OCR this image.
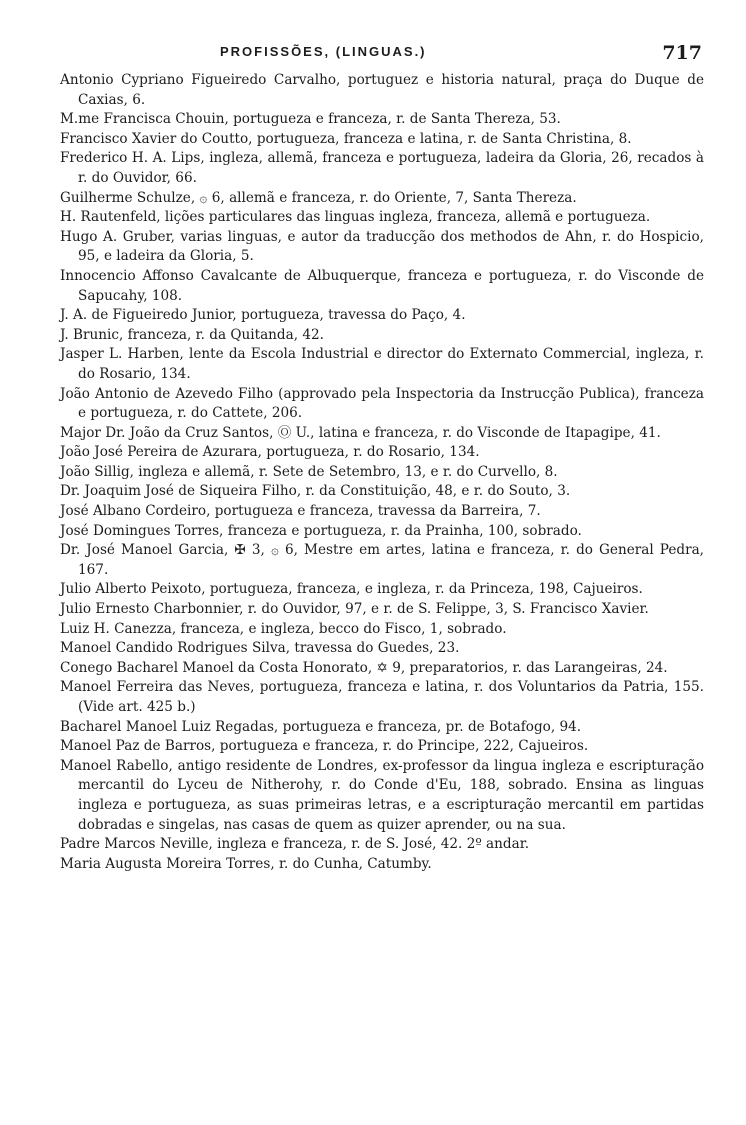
PROFISSÕES, (LINGUAS.)	717

Antonio Cypriano Figueiredo Carvalho, portuguez e historia natural, praça do Duque de Caxias, 6.

M.me Francisca Chouin, portugueza e franceza, r. de Santa Thereza, 53.

Francisco Xavier do Coutto, portugueza, franceza e latina, r. de Santa Christina, 8.

Frederico H. A. Lips, ingleza, allemã, franceza e portugueza, ladeira da Gloria, 26, recados à r. do Ouvidor, 66.

Guilherme Schulze, ۞ 6, allemã e franceza, r. do Oriente, 7, Santa Thereza.

H. Rautenfeld, lições particulares das linguas ingleza, franceza, allemã e portugueza.

Hugo A. Gruber, varias linguas, e autor da traducção dos methodos de Ahn, r. do Hospicio, 95, e ladeira da Gloria, 5.

Innocencio Affonso Cavalcante de Albuquerque, franceza e portugueza, r. do Visconde de Sapucahy, 108.

J. A. de Figueiredo Junior, portugueza, travessa do Paço, 4.

J. Brunic, franceza, r. da Quitanda, 42.

Jasper L. Harben, lente da Escola Industrial e director do Externato Commercial, ingleza, r. do Rosario, 134.

João Antonio de Azevedo Filho (approvado pela Inspectoria da Instrucção Publica), franceza e portugueza, r. do Cattete, 206.

Major Dr. João da Cruz Santos, Ⓞ U., latina e franceza, r. do Visconde de Itapagipe, 41.

João José Pereira de Azurara, portugueza, r. do Rosario, 134.

João Sillig, ingleza e allemã, r. Sete de Setembro, 13, e r. do Curvello, 8.

Dr. Joaquim José de Siqueira Filho, r. da Constituição, 48, e r. do Souto, 3.

José Albano Cordeiro, portugueza e franceza, travessa da Barreira, 7.

José Domingues Torres, franceza e portugueza, r. da Prainha, 100, sobrado.

Dr. José Manoel Garcia, ✠ 3, ۞ 6, Mestre em artes, latina e franceza, r. do General Pedra, 167.

Julio Alberto Peixoto, portugueza, franceza, e ingleza, r. da Princeza, 198, Cajueiros.

Julio Ernesto Charbonnier, r. do Ouvidor, 97, e r. de S. Felippe, 3, S. Francisco Xavier.

Luiz H. Canezza, franceza, e ingleza, becco do Fisco, 1, sobrado.

Manoel Candido Rodrigues Silva, travessa do Guedes, 23.

Conego Bacharel Manoel da Costa Honorato, ✡ 9, preparatorios, r. das Larangeiras, 24.

Manoel Ferreira das Neves, portugueza, franceza e latina, r. dos Voluntarios da Patria, 155. (Vide art. 425 b.)

Bacharel Manoel Luiz Regadas, portugueza e franceza, pr. de Botafogo, 94.

Manoel Paz de Barros, portugueza e franceza, r. do Principe, 222, Cajueiros.

Manoel Rabello, antigo residente de Londres, ex-professor da lingua ingleza e escripturação mercantil do Lyceu de Nitherohy, r. do Conde d'Eu, 188, sobrado. Ensina as linguas ingleza e portugueza, as suas primeiras letras, e a escripturação mercantil em partidas dobradas e singelas, nas casas de quem as quizer aprender, ou na sua.

Padre Marcos Neville, ingleza e franceza, r. de S. José, 42. 2º andar.

Maria Augusta Moreira Torres, r. do Cunha, Catumby.
